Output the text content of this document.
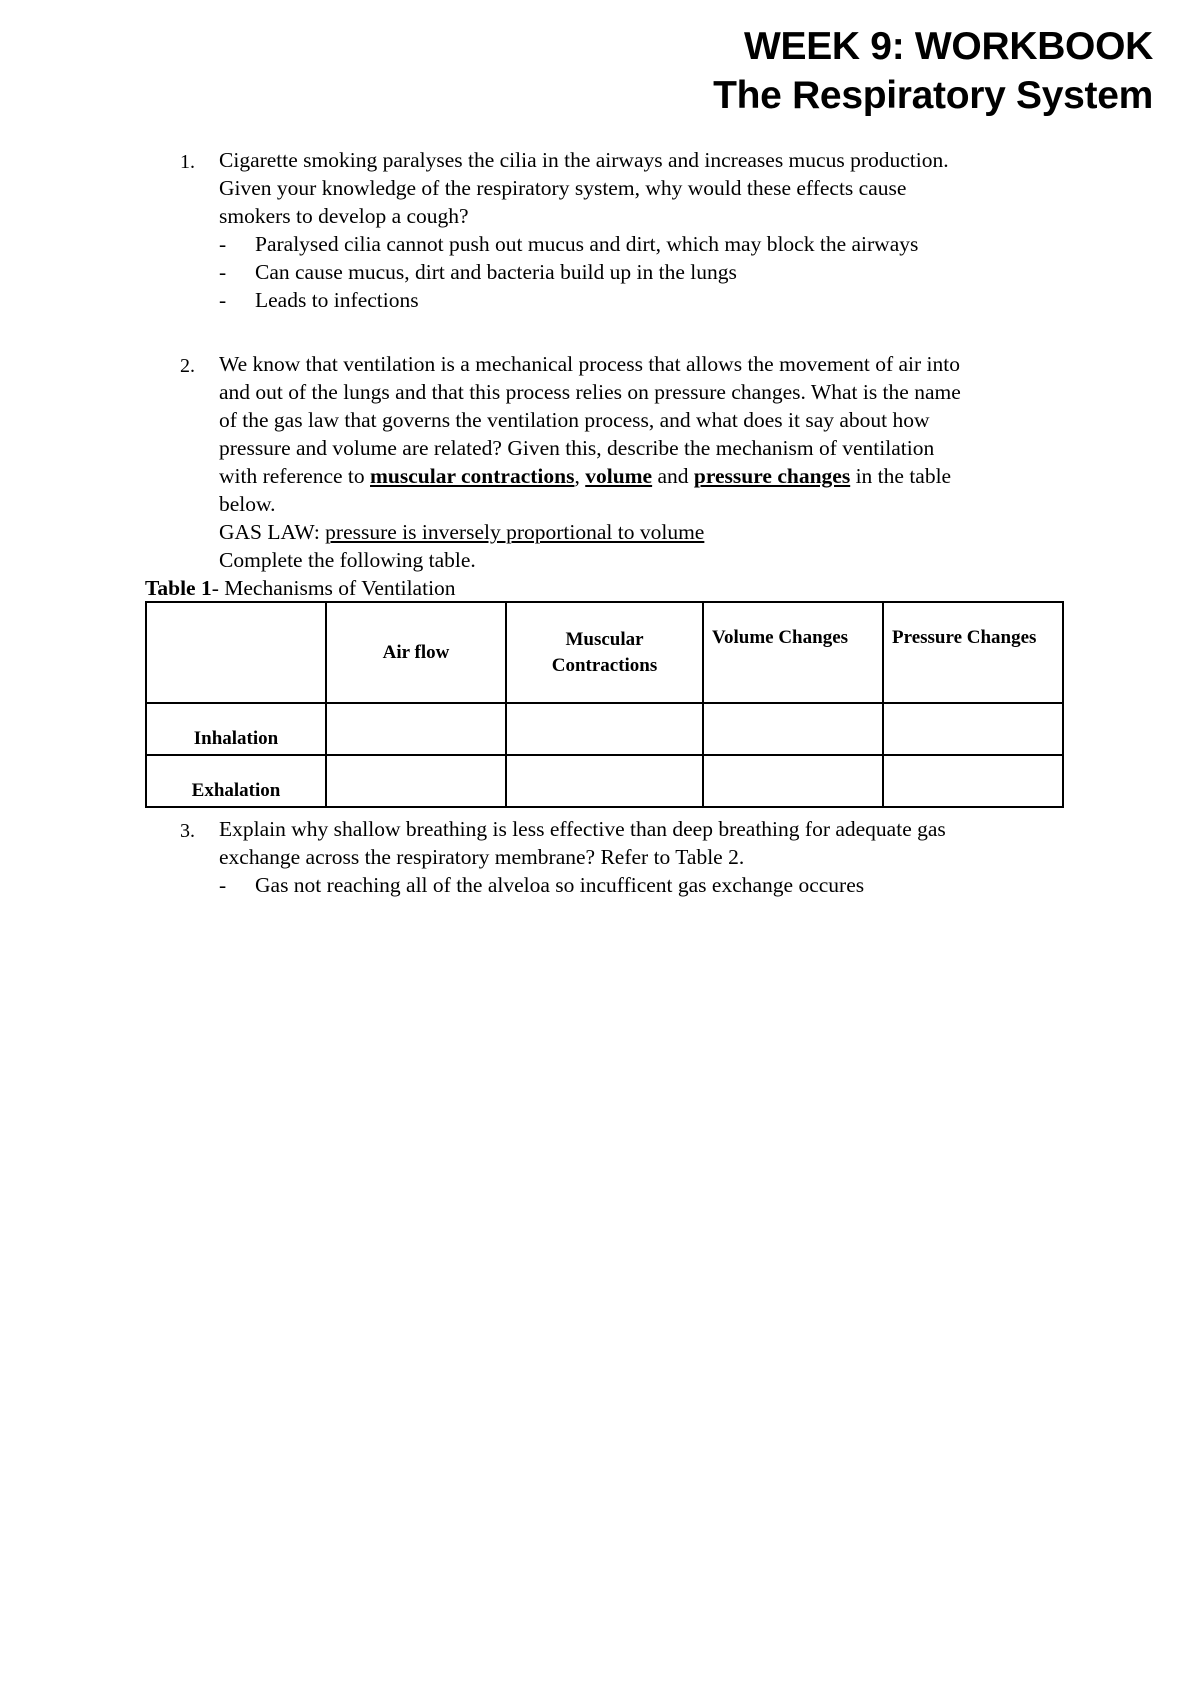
WEEK 9: WORKBOOK
The Respiratory System
1.	Cigarette smoking paralyses the cilia in the airways and increases mucus production.
Given your knowledge of the respiratory system, why would these effects cause
smokers to develop a cough?
- Paralysed cilia cannot push out mucus and dirt, which may block the airways
- Can cause mucus, dirt and bacteria build up in the lungs
- Leads to infections
2.	We know that ventilation is a mechanical process that allows the movement of air into
and out of the lungs and that this process relies on pressure changes. What is the name
of the gas law that governs the ventilation process, and what does it say about how
pressure and volume are related? Given this, describe the mechanism of ventilation
with reference to muscular contractions, volume and pressure changes in the table
below.
GAS LAW: pressure is inversely proportional to volume
Complete the following table.
Table 1- Mechanisms of Ventilation
	Air flow	Muscular Contractions	Volume Changes	Pressure Changes
Inhalation				
Exhalation				
3.	Explain why shallow breathing is less effective than deep breathing for adequate gas
exchange across the respiratory membrane? Refer to Table 2.
- Gas not reaching all of the alveloa so incufficent gas exchange occures
